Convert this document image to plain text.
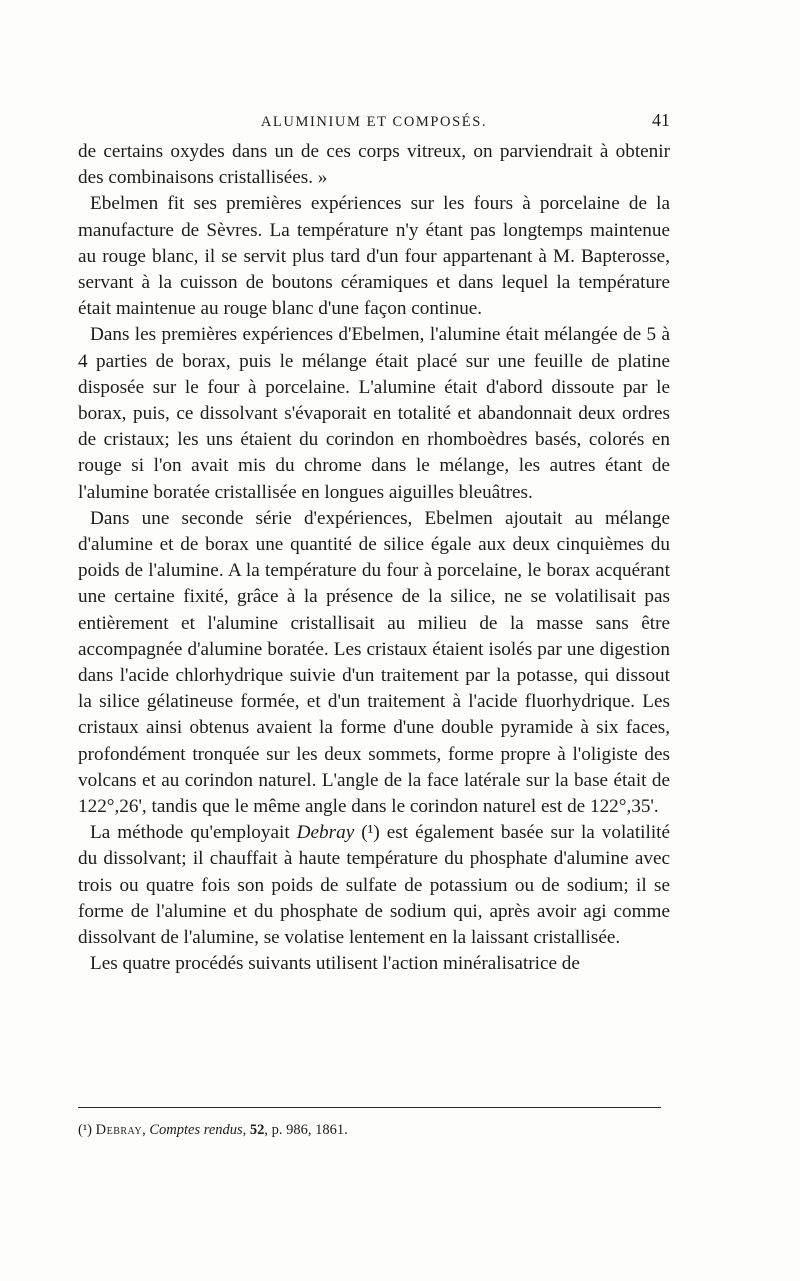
ALUMINIUM ET COMPOSÉS.	41

de certains oxydes dans un de ces corps vitreux, on parviendrait à obtenir des combinaisons cristallisées. »

Ebelmen fit ses premières expériences sur les fours à porcelaine de la manufacture de Sèvres. La température n'y étant pas longtemps maintenue au rouge blanc, il se servit plus tard d'un four appartenant à M. Bapterosse, servant à la cuisson de boutons céramiques et dans lequel la température était maintenue au rouge blanc d'une façon continue.

Dans les premières expériences d'Ebelmen, l'alumine était mélangée de 5 à 4 parties de borax, puis le mélange était placé sur une feuille de platine disposée sur le four à porcelaine. L'alumine était d'abord dissoute par le borax, puis, ce dissolvant s'évaporait en totalité et abandonnait deux ordres de cristaux; les uns étaient du corindon en rhomboèdres basés, colorés en rouge si l'on avait mis du chrome dans le mélange, les autres étant de l'alumine boratée cristallisée en longues aiguilles bleuâtres.

Dans une seconde série d'expériences, Ebelmen ajoutait au mélange d'alumine et de borax une quantité de silice égale aux deux cinquièmes du poids de l'alumine. A la température du four à porcelaine, le borax acquérant une certaine fixité, grâce à la présence de la silice, ne se volatilisait pas entièrement et l'alumine cristallisait au milieu de la masse sans être accompagnée d'alumine boratée. Les cristaux étaient isolés par une digestion dans l'acide chlorhydrique suivie d'un traitement par la potasse, qui dissout la silice gélatineuse formée, et d'un traitement à l'acide fluorhydrique. Les cristaux ainsi obtenus avaient la forme d'une double pyramide à six faces, profondément tronquée sur les deux sommets, forme propre à l'oligiste des volcans et au corindon naturel. L'angle de la face latérale sur la base était de 122°,26', tandis que le même angle dans le corindon naturel est de 122°,35'.

La méthode qu'employait Debray (¹) est également basée sur la volatilité du dissolvant; il chauffait à haute température du phosphate d'alumine avec trois ou quatre fois son poids de sulfate de potassium ou de sodium; il se forme de l'alumine et du phosphate de sodium qui, après avoir agi comme dissolvant de l'alumine, se volatise lentement en la laissant cristallisée.

Les quatre procédés suivants utilisent l'action minéralisatrice de

(¹) Debray, Comptes rendus, 52, p. 986, 1861.
